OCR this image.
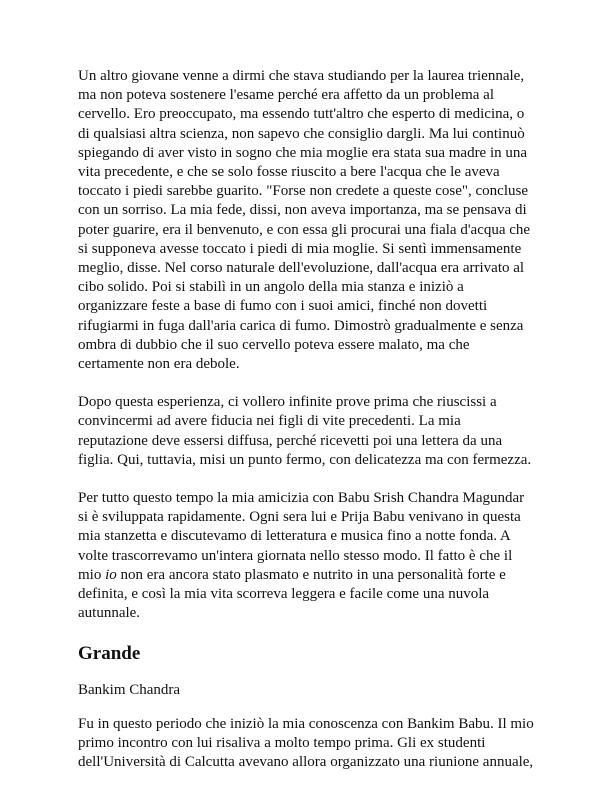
Un altro giovane venne a dirmi che stava studiando per la laurea triennale, ma non poteva sostenere l'esame perché era affetto da un problema al cervello. Ero preoccupato, ma essendo tutt'altro che esperto di medicina, o di qualsiasi altra scienza, non sapevo che consiglio dargli. Ma lui continuò spiegando di aver visto in sogno che mia moglie era stata sua madre in una vita precedente, e che se solo fosse riuscito a bere l'acqua che le aveva toccato i piedi sarebbe guarito. "Forse non credete a queste cose", concluse con un sorriso. La mia fede, dissi, non aveva importanza, ma se pensava di poter guarire, era il benvenuto, e con essa gli procurai una fiala d'acqua che si supponeva avesse toccato i piedi di mia moglie. Si sentì immensamente meglio, disse. Nel corso naturale dell'evoluzione, dall'acqua era arrivato al cibo solido. Poi si stabilì in un angolo della mia stanza e iniziò a organizzare feste a base di fumo con i suoi amici, finché non dovetti rifugiarmi in fuga dall'aria carica di fumo. Dimostrò gradualmente e senza ombra di dubbio che il suo cervello poteva essere malato, ma che certamente non era debole.

Dopo questa esperienza, ci vollero infinite prove prima che riuscissi a convincermi ad avere fiducia nei figli di vite precedenti. La mia reputazione deve essersi diffusa, perché ricevetti poi una lettera da una figlia. Qui, tuttavia, misi un punto fermo, con delicatezza ma con fermezza.

Per tutto questo tempo la mia amicizia con Babu Srish Chandra Magundar si è sviluppata rapidamente. Ogni sera lui e Prija Babu venivano in questa mia stanzetta e discutevamo di letteratura e musica fino a notte fonda. A volte trascorrevamo un'intera giornata nello stesso modo. Il fatto è che il mio io non era ancora stato plasmato e nutrito in una personalità forte e definita, e così la mia vita scorreva leggera e facile come una nuvola autunnale.

Grande

Bankim Chandra

Fu in questo periodo che iniziò la mia conoscenza con Bankim Babu. Il mio primo incontro con lui risaliva a molto tempo prima. Gli ex studenti dell'Università di Calcutta avevano allora organizzato una riunione annuale,
